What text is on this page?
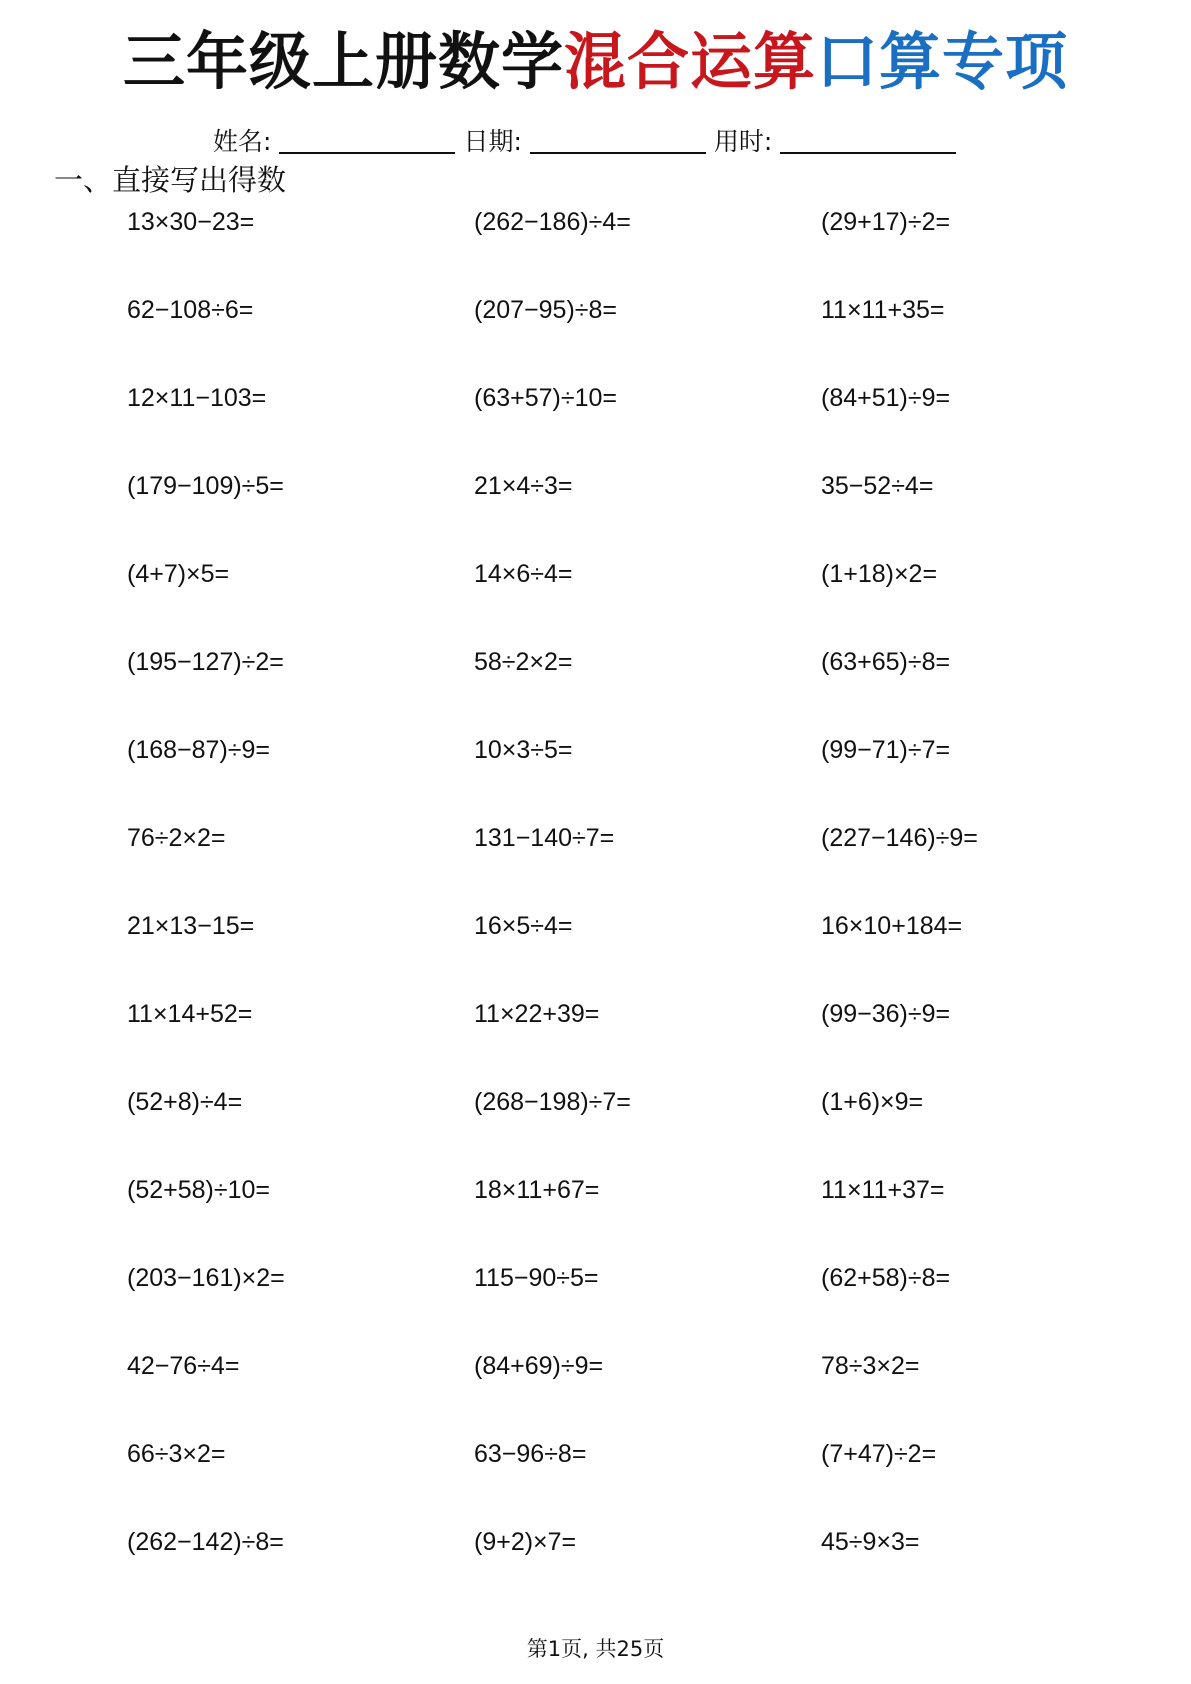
三年级上册数学混合运算口算专项
姓名:	日期:	用时:
一、直接写出得数
13×30−23=	(262−186)÷4=	(29+17)÷2=
62−108÷6=	(207−95)÷8=	11×11+35=
12×11−103=	(63+57)÷10=	(84+51)÷9=
(179−109)÷5=	21×4÷3=	35−52÷4=
(4+7)×5=	14×6÷4=	(1+18)×2=
(195−127)÷2=	58÷2×2=	(63+65)÷8=
(168−87)÷9=	10×3÷5=	(99−71)÷7=
76÷2×2=	131−140÷7=	(227−146)÷9=
21×13−15=	16×5÷4=	16×10+184=
11×14+52=	11×22+39=	(99−36)÷9=
(52+8)÷4=	(268−198)÷7=	(1+6)×9=
(52+58)÷10=	18×11+67=	11×11+37=
(203−161)×2=	115−90÷5=	(62+58)÷8=
42−76÷4=	(84+69)÷9=	78÷3×2=
66÷3×2=	63−96÷8=	(7+47)÷2=
(262−142)÷8=	(9+2)×7=	45÷9×3=
第1页, 共25页
